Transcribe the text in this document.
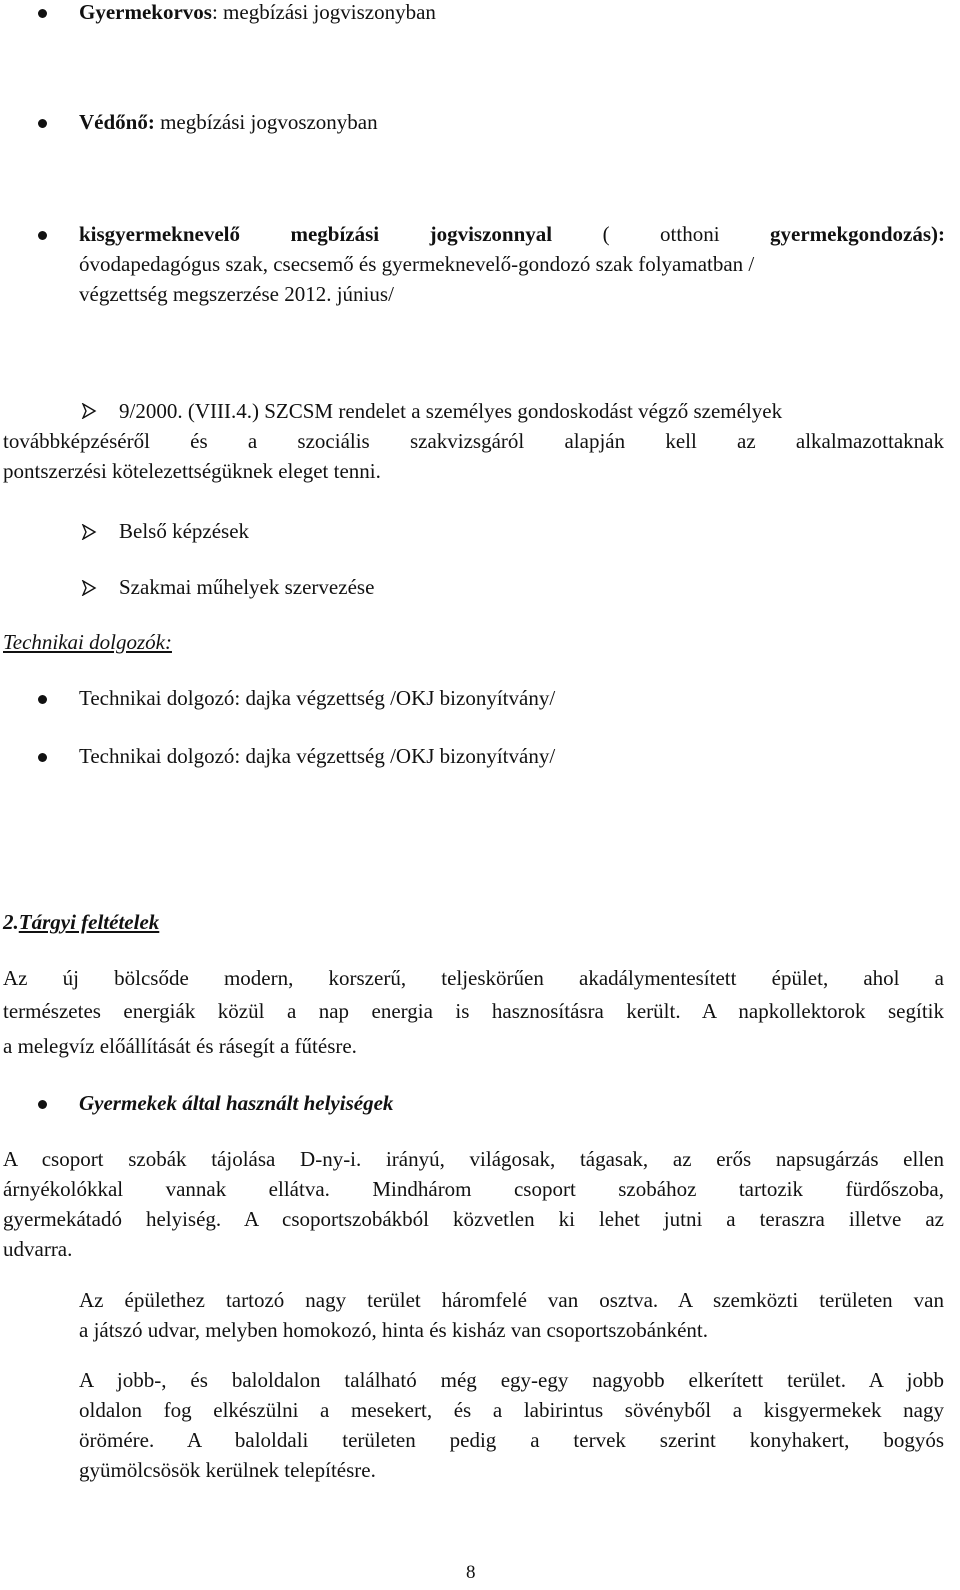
Gyermekorvos: megbízási jogviszonyban
Védőnő: megbízási jogvoszonyban
kisgyermeknevelő megbízási jogviszonnyal ( otthoni gyermekgondozás):
óvodapedagógus szak, csecsemő és gyermeknevelő-gondozó szak folyamatban /
végzettség megszerzése 2012. június/
9/2000. (VIII.4.) SZCSM rendelet a személyes gondoskodást végző személyek
továbbképzéséről és a szociális szakvizsgáról alapján kell az alkalmazottaknak
pontszerzési kötelezettségüknek eleget tenni.
Belső képzések
Szakmai műhelyek szervezése
Technikai dolgozók:
Technikai dolgozó: dajka végzettség /OKJ bizonyítvány/
Technikai dolgozó: dajka végzettség /OKJ bizonyítvány/
2.Tárgyi feltételek
Az új bölcsőde modern, korszerű, teljeskörűen akadálymentesített épület, ahol a
természetes energiák közül a nap energia is hasznosításra került. A napkollektorok segítik
a melegvíz előállítását és rásegít a fűtésre.
Gyermekek által használt helyiségek
A csoport szobák tájolása D-ny-i. irányú, világosak, tágasak, az erős napsugárzás ellen
árnyékolókkal vannak ellátva. Mindhárom csoport szobához tartozik fürdőszoba,
gyermekátadó helyiség. A csoportszobákból közvetlen ki lehet jutni a teraszra illetve az
udvarra.
Az épülethez tartozó nagy terület háromfelé van osztva. A szemközti területen van
a játszó udvar, melyben homokozó, hinta és kisház van csoportszobánként.
A jobb-, és baloldalon található még egy-egy nagyobb elkerített terület. A jobb
oldalon fog elkészülni a mesekert, és a labirintus sövényből a kisgyermekek nagy
örömére. A baloldali területen pedig a tervek szerint konyhakert, bogyós
gyümölcsösök kerülnek telepítésre.
8
